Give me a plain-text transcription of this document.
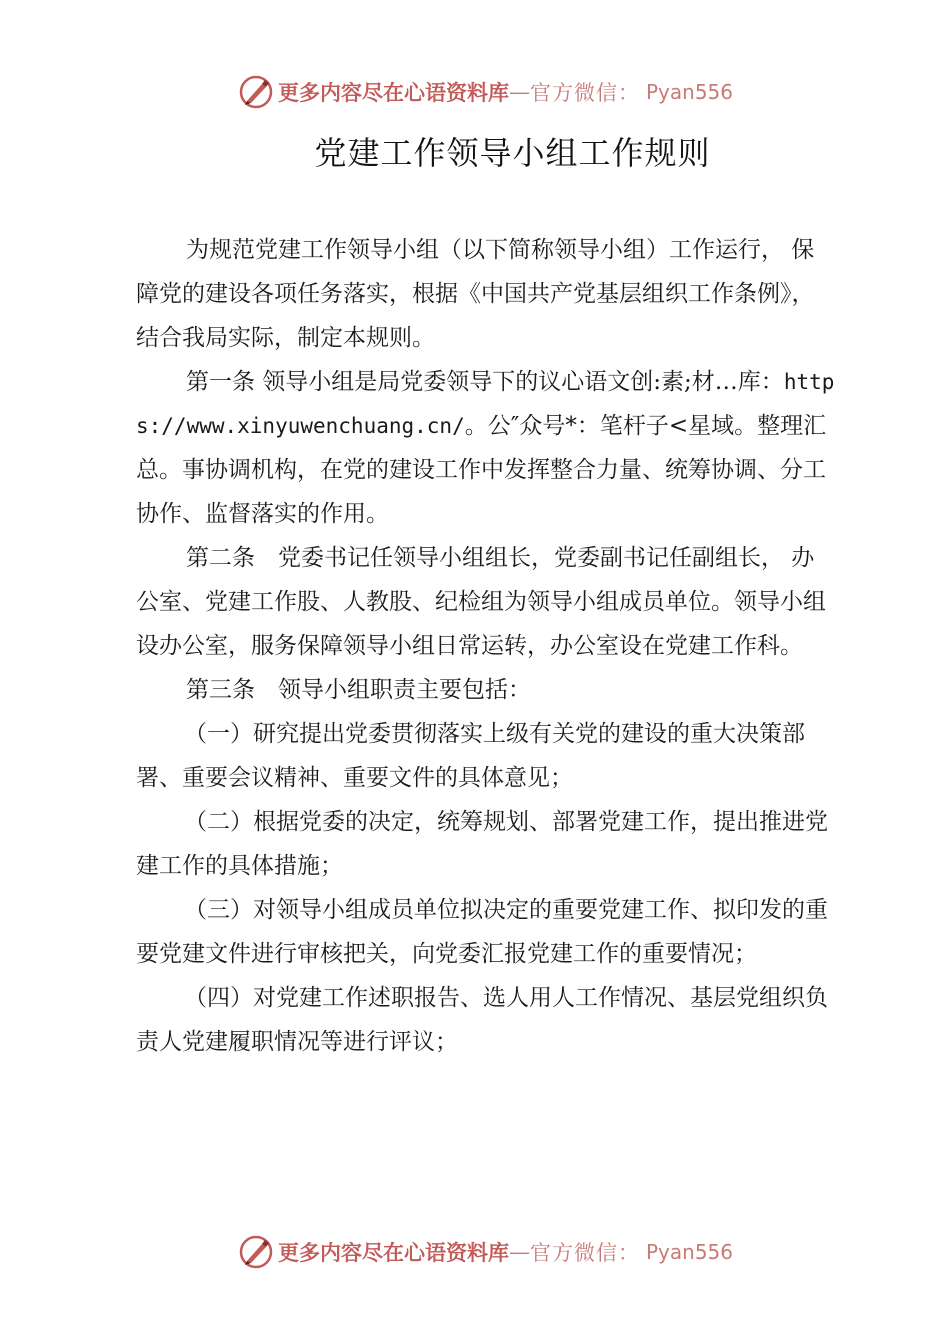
更多内容尽在心语资料库 — 官方微信： Pyan556
党建工作领导小组工作规则

为规范党建工作领导小组（以下简称领导小组）工作运行， 保障党的建设各项任务落实，根据《中国共产党基层组织工作条例》，结合我局实际，制定本规则。

第一条 领导小组是局党委领导下的议心语文创:素;材…库：https://www.xinyuwenchuang.cn/。公″众号*：笔杆子<星域。整理汇总。事协调机构，在党的建设工作中发挥整合力量、统筹协调、分工协作、监督落实的作用。

第二条　党委书记任领导小组组长，党委副书记任副组长， 办公室、党建工作股、人教股、纪检组为领导小组成员单位。领导小组设办公室，服务保障领导小组日常运转，办公室设在党建工作科。

第三条　领导小组职责主要包括：

（一）研究提出党委贯彻落实上级有关党的建设的重大决策部署、重要会议精神、重要文件的具体意见；

（二）根据党委的决定，统筹规划、部署党建工作，提出推进党建工作的具体措施；

（三）对领导小组成员单位拟决定的重要党建工作、拟印发的重要党建文件进行审核把关，向党委汇报党建工作的重要情况；

（四）对党建工作述职报告、选人用人工作情况、基层党组织负责人党建履职情况等进行评议；

更多内容尽在心语资料库 — 官方微信： Pyan556
